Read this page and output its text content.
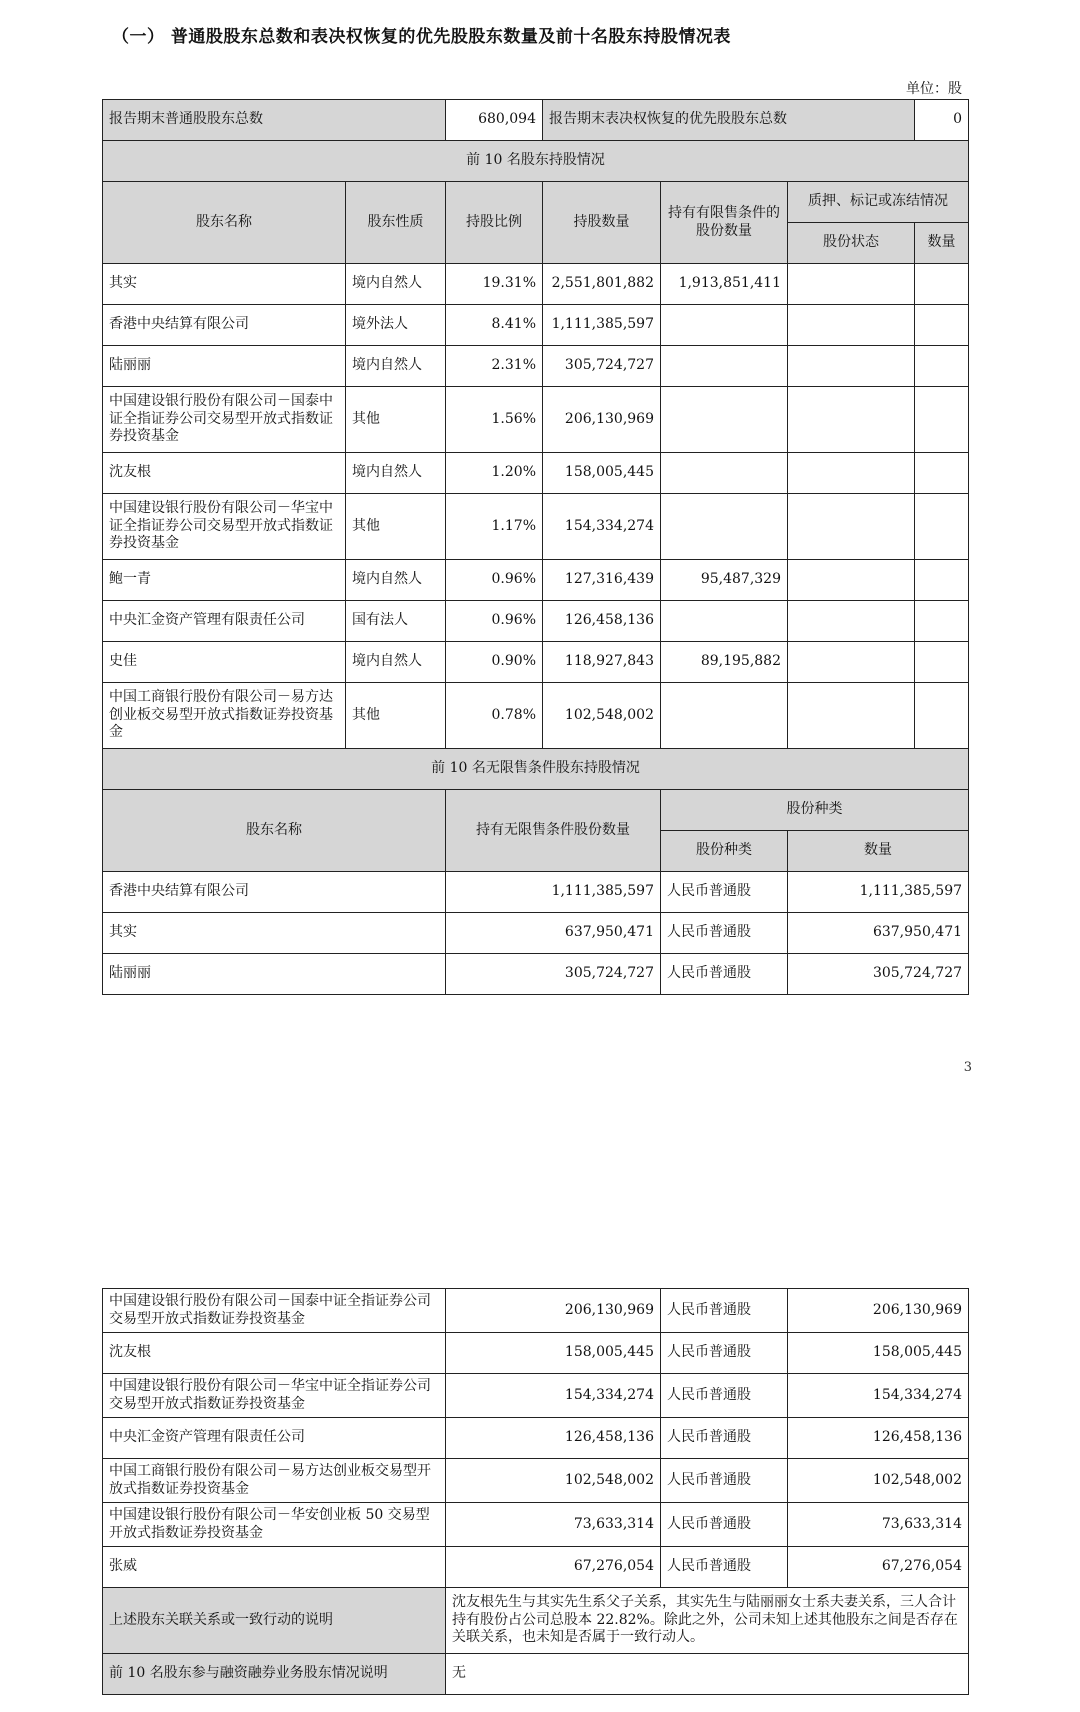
（一） 普通股股东总数和表决权恢复的优先股股东数量及前十名股东持股情况表
单位：股
报告期末普通股股东总数		680,094	报告期末表决权恢复的优先股股东总数			0
前 10 名股东持股情况						
股东名称	股东性质	持股比例	持股数量	持有有限售条件的股份数量	质押、标记或冻结情况	
					股份状态	数量
其实	境内自然人	19.31%	2,551,801,882	1,913,851,411		
香港中央结算有限公司	境外法人	8.41%	1,111,385,597			
陆丽丽	境内自然人	2.31%	305,724,727			
中国建设银行股份有限公司－国泰中证全指证券公司交易型开放式指数证券投资基金	其他	1.56%	206,130,969			
沈友根	境内自然人	1.20%	158,005,445			
中国建设银行股份有限公司－华宝中证全指证券公司交易型开放式指数证券投资基金	其他	1.17%	154,334,274			
鲍一青	境内自然人	0.96%	127,316,439	95,487,329		
中央汇金资产管理有限责任公司	国有法人	0.96%	126,458,136			
史佳	境内自然人	0.90%	118,927,843	89,195,882		
中国工商银行股份有限公司－易方达创业板交易型开放式指数证券投资基金	其他	0.78%	102,548,002			
前 10 名无限售条件股东持股情况						
股东名称		持有无限售条件股份数量		股份种类		
				股份种类	数量	
香港中央结算有限公司		1,111,385,597		人民币普通股	1,111,385,597	
其实		637,950,471		人民币普通股	637,950,471	
陆丽丽		305,724,727		人民币普通股	305,724,727	
3
中国建设银行股份有限公司－国泰中证全指证券公司交易型开放式指数证券投资基金	206,130,969	人民币普通股	206,130,969
沈友根	158,005,445	人民币普通股	158,005,445
中国建设银行股份有限公司－华宝中证全指证券公司交易型开放式指数证券投资基金	154,334,274	人民币普通股	154,334,274
中央汇金资产管理有限责任公司	126,458,136	人民币普通股	126,458,136
中国工商银行股份有限公司－易方达创业板交易型开放式指数证券投资基金	102,548,002	人民币普通股	102,548,002
中国建设银行股份有限公司－华安创业板 50 交易型开放式指数证券投资基金	73,633,314	人民币普通股	73,633,314
张威	67,276,054	人民币普通股	67,276,054
上述股东关联关系或一致行动的说明	沈友根先生与其实先生系父子关系，其实先生与陆丽丽女士系夫妻关系，三人合计持有股份占公司总股本 22.82%。除此之外，公司未知上述其他股东之间是否存在关联关系，也未知是否属于一致行动人。		
前 10 名股东参与融资融券业务股东情况说明	无		
